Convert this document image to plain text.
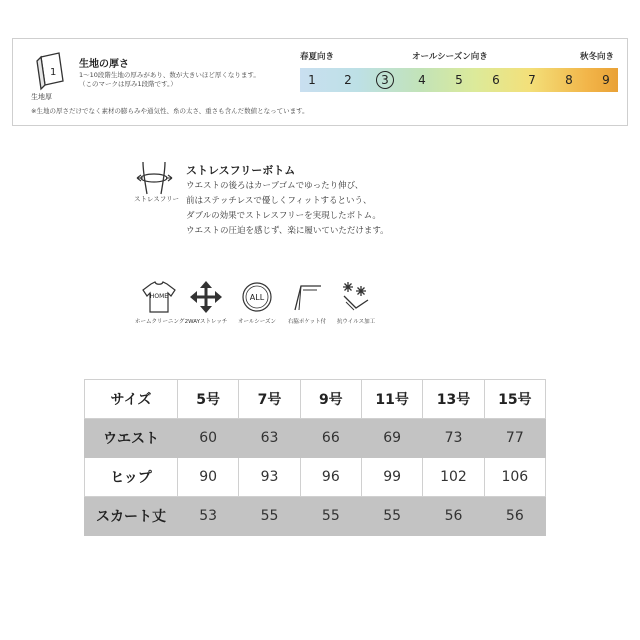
1
生地厚
生地の厚さ
1～10段階生地の厚みがあり、数が大きいほど厚くなります。
（このマークは厚み1段階です。）
春夏向き	オールシーズン向き	秋冬向き
1	2	3	4	5	6	7	8	9
※生地の厚さだけでなく素材の膨らみや通気性、糸の太さ、重さも含んだ数値となっています。
ストレスフリー
ストレスフリーボトム
ウエストの後ろはカーブゴムでゆったり伸び、
前はステッチレスで優しくフィットするという、
ダブルの効果でストレスフリーを実現したボトム。
ウエストの圧迫を感じず、楽に履いていただけます。
HOME
ホームクリーニング 2WAYストレッチ
ALL
オールシーズン	右脇ポケット付	抗ウイルス加工
サイズ	5号	7号	9号	11号	13号	15号
ウエスト	60	63	66	69	73	77
ヒップ	90	93	96	99	102	106
スカート丈	53	55	55	55	56	56
